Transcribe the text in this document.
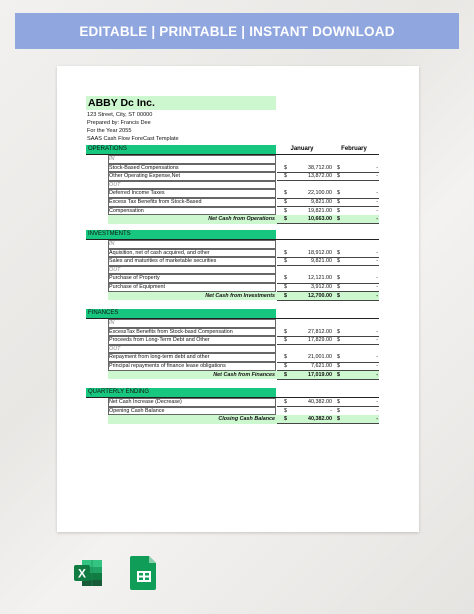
EDITABLE | PRINTABLE | INSTANT DOWNLOAD
ABBY Dc Inc.
123 Street, City, ST 00000
Prepared by: Francis Dee
For the Year 2055
SAAS Cash Flow ForeCast Template
OPERATIONS	January	February
IN
Stock-Based Compensations	$	38,712.00 $	-
Other Operating Expense,Net	$	13,872.00 $	-
OUT
Deferred Income Taxes	$	22,100.00 $	-
Excess Tax Benefits from Stock-Based	$	9,821.00 $	-
Compensation	$	19,821.00 $	-
Net Cash from Operations $	10,663.00 $	-
INVESTMENTS
IN
Aquisition, net of cash acquired, and other	$	18,912.00 $	-
Sales and maturities of marketable securities	$	9,821.00 $	-
OUT
Purchase of Property	$	12,121.00 $	-
Purchase of Equipment	$	3,912.00 $	-
Net Cash from Investments $	12,700.00 $	-
FINANCES
IN
ExcessTax Benefits from Stock-basd Compensation	$	27,812.00 $	-
Proceeds from Long-Term Debt and Other	$	17,829.00 $	-
OUT
Repayment from long-term debt and other	$	21,001.00 $	-
Principal repayments of finance lease obligations	$	7,621.00 $	-
Net Cash from Finances $	17,019.00 $	-
QUARTERLY ENDING
Net Cash Increase (Decrease)	$	40,382.00 $	-
Opening Cash Balance	$	- $	-
Closing Cash Balance $	40,382.00 $	-
X
